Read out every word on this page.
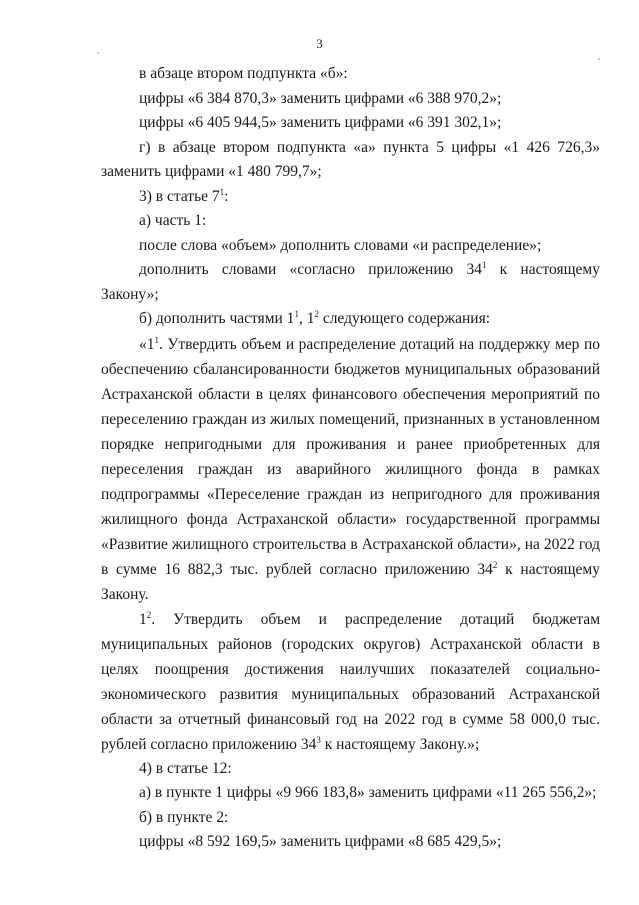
3

в абзаце втором подпункта «б»:

цифры «6 384 870,3» заменить цифрами «6 388 970,2»;

цифры «6 405 944,5» заменить цифрами «6 391 302,1»;

г) в абзаце втором подпункта «а» пункта 5 цифры «1 426 726,3» заменить цифрами «1 480 799,7»;

3) в статье $7^1$:

а) часть 1:

после слова «объем» дополнить словами «и распределение»;

дополнить словами «согласно приложению $34^1$ к настоящему Закону»;

б) дополнить частями $1^1$, $1^2$ следующего содержания:

«$1^1$. Утвердить объем и распределение дотаций на поддержку мер по обеспечению сбалансированности бюджетов муниципальных образований Астраханской области в целях финансового обеспечения мероприятий по переселению граждан из жилых помещений, признанных в установленном порядке непригодными для проживания и ранее приобретенных для переселения граждан из аварийного жилищного фонда в рамках подпрограммы «Переселение граждан из непригодного для проживания жилищного фонда Астраханской области» государственной программы «Развитие жилищного строительства в Астраханской области», на 2022 год в сумме 16 882,3 тыс. рублей согласно приложению $34^2$ к настоящему Закону.

$1^2$. Утвердить объем и распределение дотаций бюджетам муниципальных районов (городских округов) Астраханской области в целях поощрения достижения наилучших показателей социально-экономического развития муниципальных образований Астраханской области за отчетный финансовый год на 2022 год в сумме 58 000,0 тыс. рублей согласно приложению $34^3$ к настоящему Закону.»;

4) в статье 12:

а) в пункте 1 цифры «9 966 183,8» заменить цифрами «11 265 556,2»;

б) в пункте 2:

цифры «8 592 169,5» заменить цифрами «8 685 429,5»;
